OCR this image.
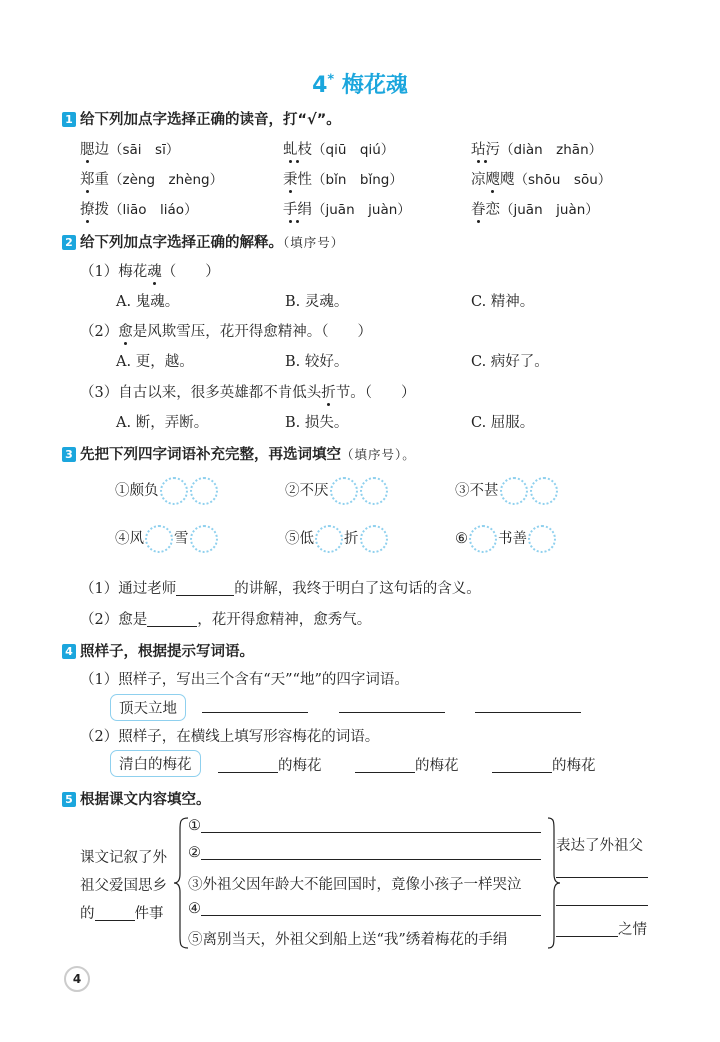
4* 梅花魂
1 给下列加点字选择正确的读音，打“√”。
腮边（sāi　sī）	虬枝（qiū　qiú）	玷污（diàn　zhān）
郑重（zèng　zhèng）	秉性（bǐn　bǐng）	凉飕飕（shōu　sōu）
撩拨（liāo　liáo）	手绢（juān　juàn）	眷恋（juān　juàn）
2 给下列加点字选择正确的解释。（填序号）
（1）梅花魂（　　）
A. 鬼魂。	B. 灵魂。	C. 精神。
（2）愈是风欺雪压，花开得愈精神。（　　）
A. 更，越。	B. 较好。	C. 病好了。
（3）自古以来，很多英雄都不肯低头折节。（　　）
A. 断，弄断。	B. 损失。	C. 屈服。
3 先把下列四字词语补充完整，再选词填空（填序号）。
①颇负	②不厌	③不甚
④风 雪	⑤低 折	⑥ 书善
（1）通过老师	的讲解，我终于明白了这句话的含义。
（2）愈是	，花开得愈精神，愈秀气。
4 照样子，根据提示写词语。
（1）照样子，写出三个含有“天”“地”的四字词语。
顶天立地
（2）照样子，在横线上填写形容梅花的词语。
清白的梅花	的梅花	的梅花	的梅花
5 根据课文内容填空。
课文记叙了外
祖父爱国思乡
的	件事
①
②
③外祖父因年龄大不能回国时，竟像小孩子一样哭泣
④
⑤离别当天，外祖父到船上送“我”绣着梅花的手绢
表达了外祖父
之情
4
